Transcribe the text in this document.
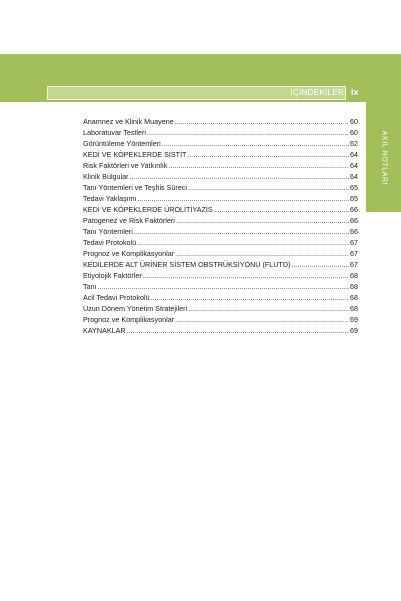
İÇİNDEKİLER ix
AKIL NOTLARI
Anamnez ve Klinik Muayene .....	60
Laboratuvar Testleri .....	60
Görüntüleme Yöntemleri .....	62
KEDİ VE KÖPEKLERDE SİSTİT .....	64
Risk Faktörleri ve Yatkınlık .....	64
Klinik Bulgular .....	64
Tanı Yöntemleri ve Teşhis Süreci .....	65
Tedavi Yaklaşımı .....	65
KEDİ VE KÖPEKLERDE ÜROLİTİYAZİS .....	66
Patogenez ve Risk Faktörleri .....	66
Tanı Yöntemleri .....	66
Tedavi Protokolü .....	67
Prognoz ve Komplikasyonlar .....	67
KEDİLERDE ALT ÜRİNER SİSTEM OBSTRÜKSİYONU (FLUTD) .....	67
Etiyolojik Faktörler .....	68
Tanı .....	68
Acil Tedavi Protokolü .....	68
Uzun Dönem Yönetim Stratejileri .....	68
Prognoz ve Komplikasyonlar .....	69
KAYNAKLAR .....	69
